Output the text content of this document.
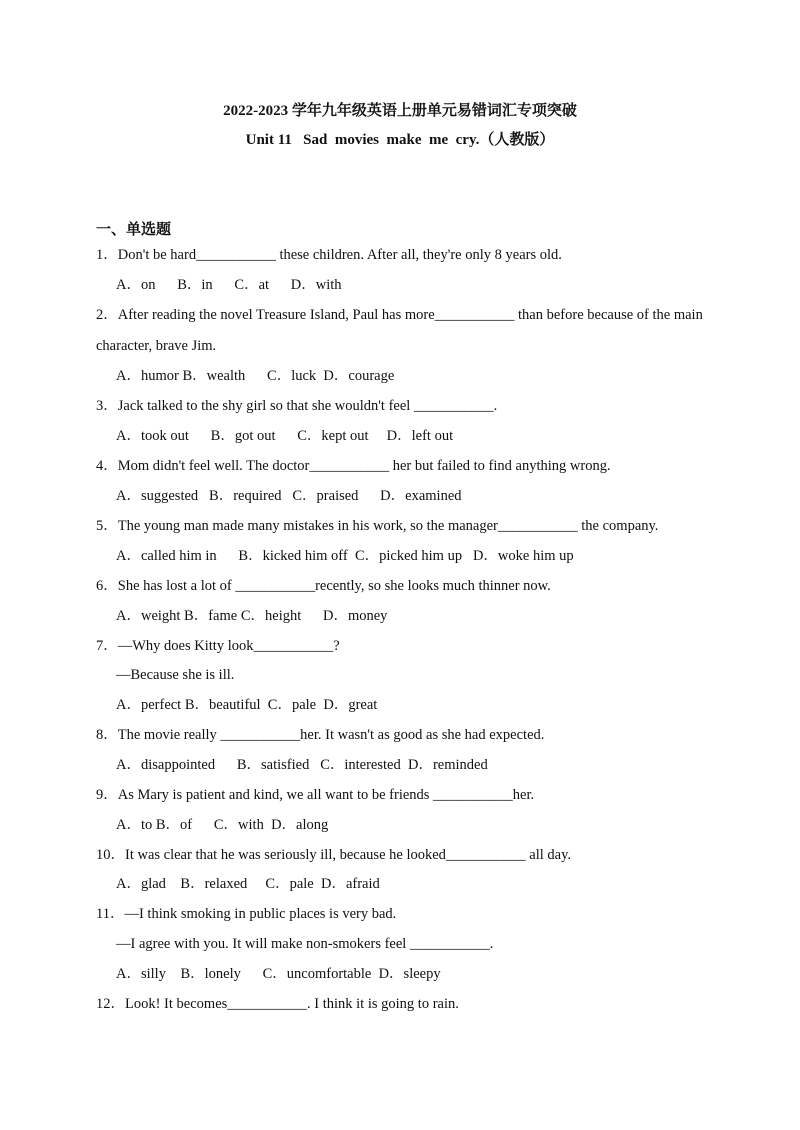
2022-2023 学年九年级英语上册单元易错词汇专项突破
Unit 11   Sad  movies  make  me  cry.（人教版）
一、单选题
1．Don't be hard___________ these children. After all, they're only 8 years old.
A．on      B．in      C．at      D．with
2．After reading the novel Treasure Island, Paul has more___________ than before because of the main
character, brave Jim.
A．humor B．wealth      C．luck  D．courage
3．Jack talked to the shy girl so that she wouldn't feel ___________.
A．took out      B．got out      C．kept out     D．left out
4．Mom didn't feel well. The doctor___________ her but failed to find anything wrong.
A．suggested   B．required   C．praised      D．examined
5．The young man made many mistakes in his work, so the manager___________ the company.
A．called him in      B．kicked him off  C．picked him up   D．woke him up
6．She has lost a lot of ___________recently, so she looks much thinner now.
A．weight B．fame C．height      D．money
7．—Why does Kitty look___________?
—Because she is ill.
A．perfect B．beautiful  C．pale  D．great
8．The movie really ___________her. It wasn't as good as she had expected.
A．disappointed      B．satisfied   C．interested  D．reminded
9．As Mary is patient and kind, we all want to be friends ___________her.
A．to B．of      C．with  D．along
10．It was clear that he was seriously ill, because he looked___________ all day.
A．glad    B．relaxed     C．pale  D．afraid
11．—I think smoking in public places is very bad.
—I agree with you. It will make non-smokers feel ___________.
A．silly    B．lonely      C．uncomfortable  D．sleepy
12．Look! It becomes___________. I think it is going to rain.
